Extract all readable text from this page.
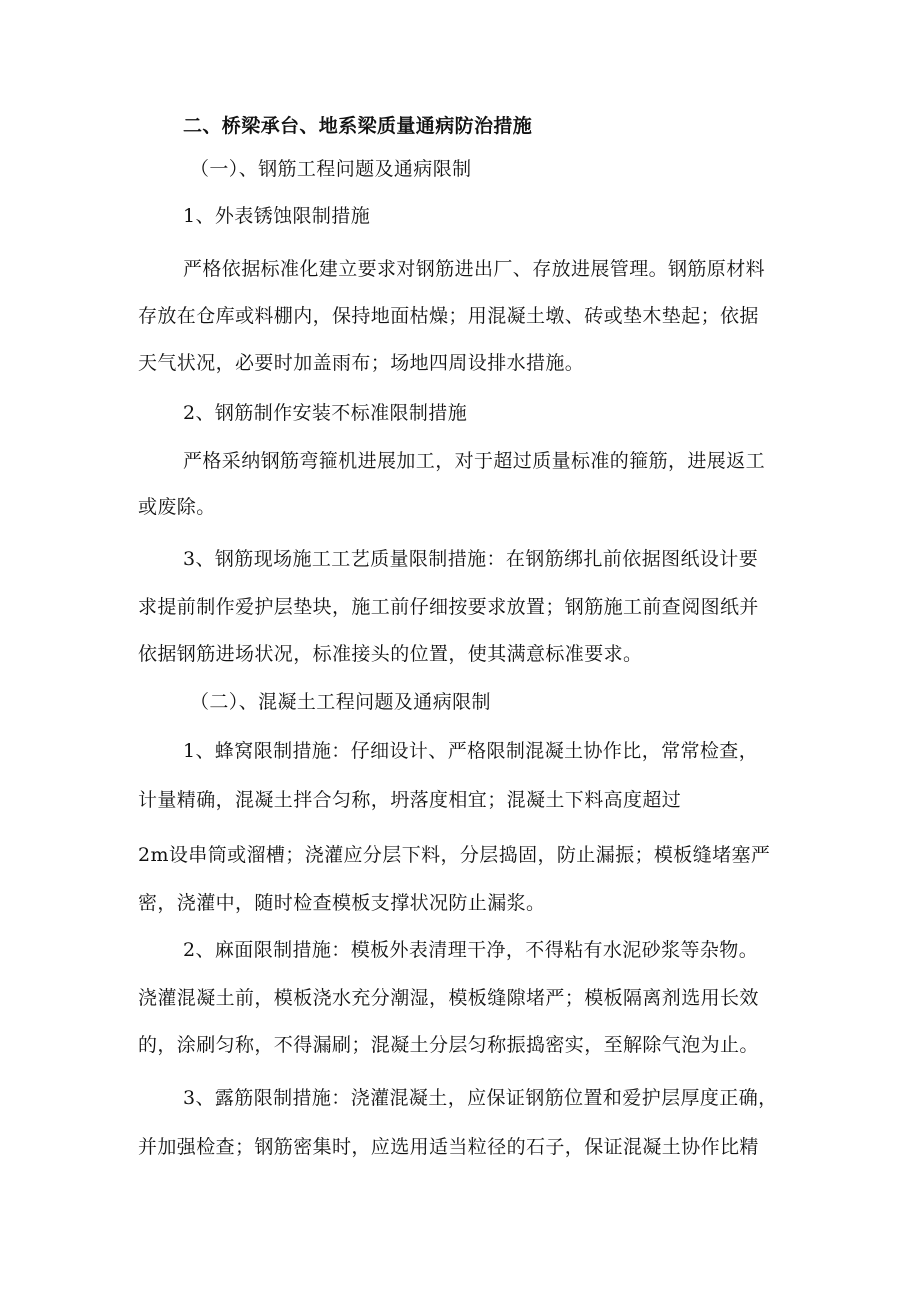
二、桥梁承台、地系梁质量通病防治措施
（一）、钢筋工程问题及通病限制
1、外表锈蚀限制措施
严格依据标准化建立要求对钢筋进出厂、存放进展管理。钢筋原材料
存放在仓库或料棚内，保持地面枯燥；用混凝土墩、砖或垫木垫起；依据
天气状况，必要时加盖雨布；场地四周设排水措施。
2、钢筋制作安装不标准限制措施
严格采纳钢筋弯箍机进展加工，对于超过质量标准的箍筋，进展返工
或废除。
3、钢筋现场施工工艺质量限制措施：在钢筋绑扎前依据图纸设计要
求提前制作爱护层垫块，施工前仔细按要求放置；钢筋施工前查阅图纸并
依据钢筋进场状况，标准接头的位置，使其满意标准要求。
（二）、混凝土工程问题及通病限制
1、蜂窝限制措施：仔细设计、严格限制混凝土协作比，常常检查，
计量精确，混凝土拌合匀称，坍落度相宜；混凝土下料高度超过
2m设串筒或溜槽；浇灌应分层下料，分层捣固，防止漏振；模板缝堵塞严
密，浇灌中，随时检查模板支撑状况防止漏浆。
2、麻面限制措施：模板外表清理干净，不得粘有水泥砂浆等杂物。
浇灌混凝土前，模板浇水充分潮湿，模板缝隙堵严；模板隔离剂选用长效
的，涂刷匀称，不得漏刷；混凝土分层匀称振捣密实，至解除气泡为止。
3、露筋限制措施：浇灌混凝土，应保证钢筋位置和爱护层厚度正确，
并加强检查；钢筋密集时，应选用适当粒径的石子，保证混凝土协作比精
